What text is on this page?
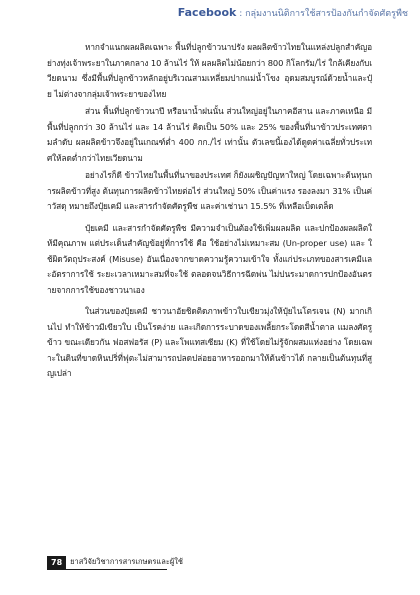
Facebook : กลุ่มงานนิติการใช้สารป้องกันกำจัดศัตรูพืช

หากจำแนกผลผลิตเฉพาะ พื้นที่ปลูกข้าวนาปรัง ผลผลิตข้าวไทยในแหล่งปลูกสำคัญอย่างทุ่งเจ้าพระยาในภาคกลาง 10 ล้านไร่ ให้ ผลผลิตไม่น้อยกว่า 800 กิโลกรัม/ไร่ ใกล้เคียงกับเวียดนาม ซึ่งมีพื้นที่ปลูกข้าวหลักอยู่บริเวณสามเหลี่ยมปากแม่น้ำโขง อุดมสมบูรณ์ด้วยน้ำและปุ๋ย ไม่ต่างจากลุ่มเจ้าพระยาของไทย

ส่วน พื้นที่ปลูกข้าวนาปี หรือนาน้ำฝนนั้น ส่วนใหญ่อยู่ในภาคอีสาน และภาคเหนือ มีพื้นที่ปลูกกว่า 30 ล้านไร่ และ 14 ล้านไร่ คิดเป็น 50% และ 25% ของพื้นที่นาข้าวประเทศตามลำดับ ผลผลิตข้าวจึงอยู่ในเกณฑ์ต่ำ 400 กก./ไร่ เท่านั้น ตัวเลขนี้เองได้ดูดค่าเฉลี่ยทั่วประเทศให้ลดต่ำกว่าไทยเวียดนาม

อย่างไรก็ดี ข้าวไทยในพื้นที่นาของประเทศ ก็ยังเผชิญปัญหาใหญ่ โดยเฉพาะต้นทุนการผลิตข้าวที่สูง ต้นทุนการผลิตข้าวไทยต่อไร่ ส่วนใหญ่ 50% เป็นค่าแรง รองลงมา 31% เป็นค่าวัสดุ หมายถึงปุ๋ยเคมี และสารกำจัดศัตรูพืช และค่าเช่านา 15.5% ที่เหลือเบ็ดเตล็ด

ปุ๋ยเคมี และสารกำจัดศัตรูพืช มีความจำเป็นต้องใช้เพิ่มผลผลิต และปกป้องผลผลิตให้มีคุณภาพ แต่ประเด็นสำคัญข้อยู่ที่การใช้ คือ ใช้อย่างไม่เหมาะสม (Un-proper use) และ ใช้ผิดวัตถุประสงค์ (Misuse) อันเนื่องจากขาดความรู้ความเข้าใจ ทั้งแก่ประเภทของสารเคมีและอัตราการใช้ ระยะเวลาเหมาะสมที่จะใช้ ตลอดจนวิธีการฉีดพ่น ไม่ปนระมาดการปกป้องอันตรายจากการใช้ของชาวนาเอง

ในส่วนของปุ๋ยเคมี ชาวนาอัยชิดติดภาพข้าวใบเขียวมุ่งให้ปุ๋ยไนโตรเจน (N) มากเกินไป ทำให้ข้าวมีเขียวใบ เป็นโรคง่าย และเกิดการระบาดของเพลี้ยกระโดดสีน้ำตาล แมลงศัตรูข้าว ขณะเดียวกัน ฟอสฟอรัส (P) และโพแทสเซียม (K) ที่ใช้โดยไม่รู้จักผสมแห่งอย่าง โดยเฉพาะในดินที่ขาดหินปริ่ที่ฟุตะไม่สามารถปลดปล่อยอาหารออกมาให้ต้นข้าวได้ กลายเป็นต้นทุนที่สูญเปล่า

78	ยาสวิจัยวิชาการสารเกษตรและผู้ใช้
